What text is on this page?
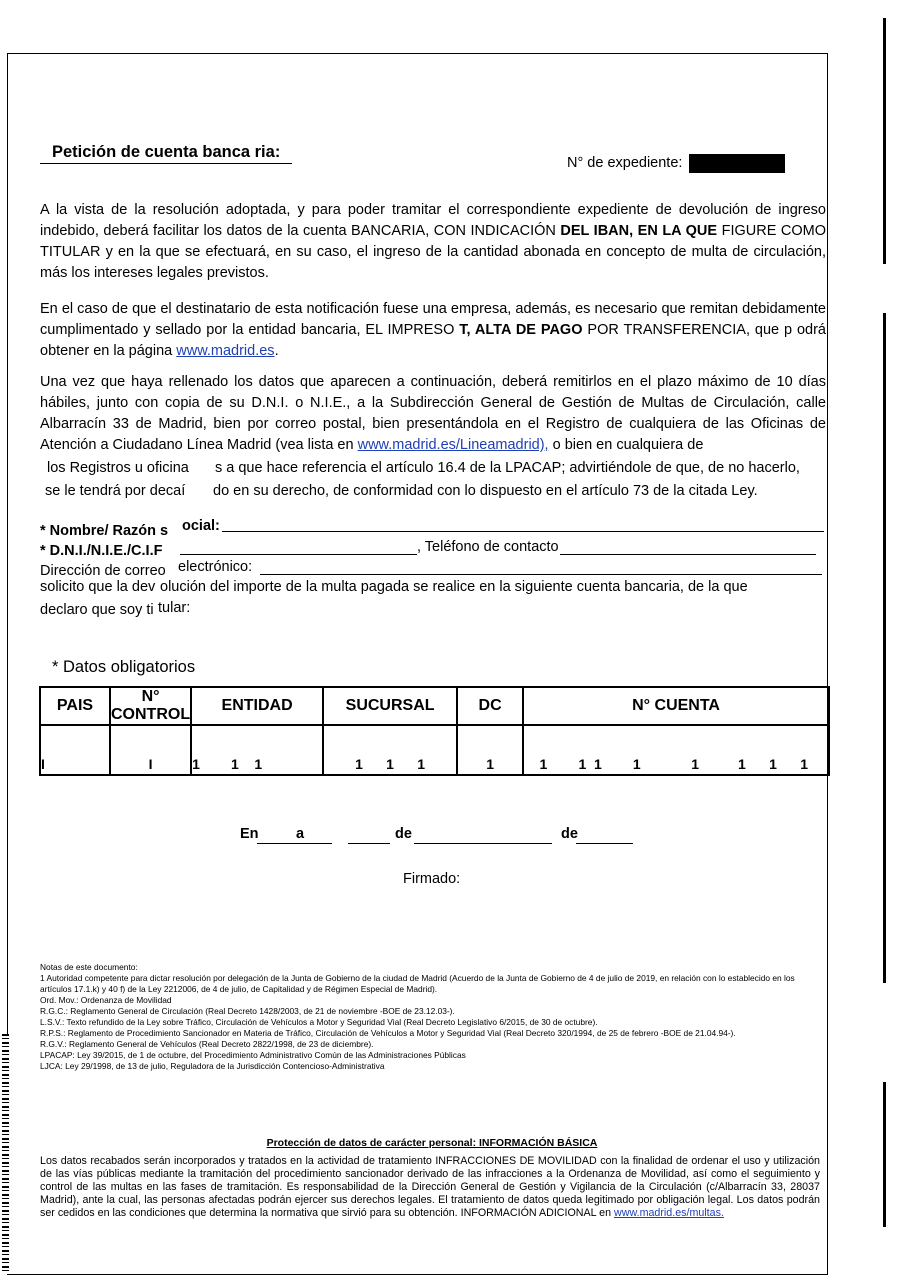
Petición de cuenta banca ria:
N° de expediente:
A la vista de la resolución adoptada, y para poder tramitar el correspondiente expediente de devolución de ingreso indebido, deberá facilitar los datos de la cuenta BANCARIA, CON INDICACIÓN DEL IBAN, EN LA QUE FIGURE COMO TITULAR y en la que se efectuará, en su caso, el ingreso de la cantidad abonada en concepto de multa de circulación, más los intereses legales previstos.
En el caso de que el destinatario de esta notificación fuese una empresa, además, es necesario que remitan debidamente cumplimentado y sellado por la entidad bancaria, EL IMPRESO T, ALTA DE PAGO POR TRANSFERENCIA, que p odrá obtener en la página www.madrid.es.
Una vez que haya rellenado los datos que aparecen a continuación, deberá remitirlos en el plazo máximo de 10 días hábiles, junto con copia de su D.N.I. o N.I.E., a la Subdirección General de Gestión de Multas de Circulación, calle Albarracín 33 de Madrid, bien por correo postal, bien presentándola en el Registro de cualquiera de las Oficinas de Atención a Ciudadano Línea Madrid (vea lista en www.madrid.es/Lineamadrid), o bien en cualquiera de
los Registros u oficina s a que hace referencia el artículo 16.4 de la LPACAP; advirtiéndole de que, de no hacerlo,
se le tendrá por decaí do en su derecho, de conformidad con lo dispuesto en el artículo 73 de la citada Ley.
* Nombre/ Razón s ocial:
* D.N.I./N.I.E./C.I.F	, Teléfono de contacto
Dirección de correo electrónico:
solicito que la dev olución del importe de la multa pagada se realice en la siguiente cuenta bancaria, de la que
declaro que soy ti tular:
* Datos obligatorios
PAIS	N° CONTROL	ENTIDAD	SUCURSAL	DC	N° CUENTA
I	I	1        1    1	1      1      1	1	1        1  1        1             1          1      1      1
En	a	de	de
Firmado:
Notas de este documento:
1 Autoridad competente para dictar resolución por delegación de la Junta de Gobierno de la ciudad de Madrid (Acuerdo de la Junta de Gobierno de 4 de julio de 2019, en relación con lo establecido en los artículos 17.1.k) y 40 f) de la Ley 2212006, de 4 de julio, de Capitalidad y de Régimen Especial de Madrid).
Ord. Mov.: Ordenanza de Movilidad
R.G.C.: Reglamento General de Circulación (Real Decreto 1428/2003, de 21 de noviembre -BOE de 23.12.03-).
L.S.V.: Texto refundido de la Ley sobre Tráfico, Circulación de Vehículos a Motor y Seguridad Vial (Real Decreto Legislativo 6/2015, de 30 de octubre).
R.P.S.: Reglamento de Procedimiento Sancionador en Materia de Tráfico, Circulación de Vehículos a Motor y Seguridad Vial (Real Decreto 320/1994, de 25 de febrero -BOE de 21.04.94-).
R.G.V.: Reglamento General de Vehículos (Real Decreto 2822/1998, de 23 de diciembre).
LPACAP: Ley 39/2015, de 1 de octubre, del Procedimiento Administrativo Común de las Administraciones Públicas
LJCA: Ley 29/1998, de 13 de julio, Reguladora de la Jurisdicción Contencioso-Administrativa
Protección de datos de carácter personal: INFORMACIÓN BÁSICA
Los datos recabados serán incorporados y tratados en la actividad de tratamiento INFRACCIONES DE MOVILIDAD con la finalidad de ordenar el uso y utilización de las vías públicas mediante la tramitación del procedimiento sancionador derivado de las infracciones a la Ordenanza de Movilidad, así como el seguimiento y control de las multas en las fases de tramitación. Es responsabilidad de la Dirección General de Gestión y Vigilancia de la Circulación (c/Albarracín 33, 28037 Madrid), ante la cual, las personas afectadas podrán ejercer sus derechos legales. El tratamiento de datos queda legitimado por obligación legal. Los datos podrán ser cedidos en las condiciones que determina la normativa que sirvió para su obtención. INFORMACIÓN ADICIONAL en www.madrid.es/multas.
